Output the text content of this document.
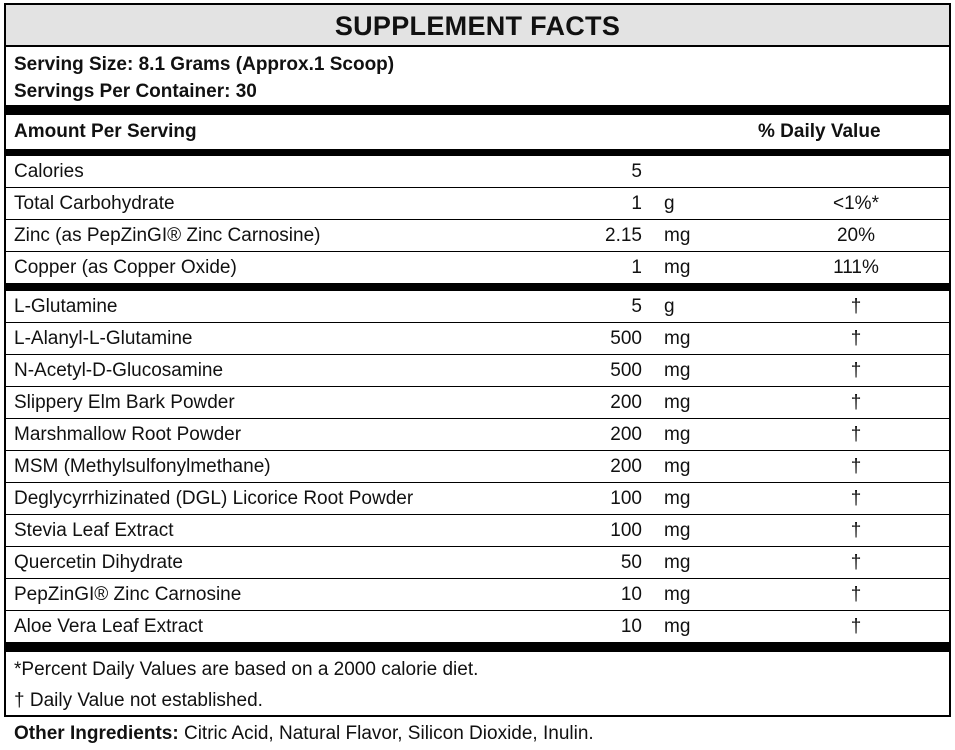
SUPPLEMENT FACTS
Serving Size: 8.1 Grams (Approx.1 Scoop)
Servings Per Container: 30
Amount Per Serving	% Daily Value
Calories	5
Total Carbohydrate	1 g	<1%*
Zinc (as PepZinGI® Zinc Carnosine)	2.15 mg	20%
Copper (as Copper Oxide)	1 mg	111%
L-Glutamine	5 g	†
L-Alanyl-L-Glutamine	500 mg	†
N-Acetyl-D-Glucosamine	500 mg	†
Slippery Elm Bark Powder	200 mg	†
Marshmallow Root Powder	200 mg	†
MSM (Methylsulfonylmethane)	200 mg	†
Deglycyrrhizinated (DGL) Licorice Root Powder	100 mg	†
Stevia Leaf Extract	100 mg	†
Quercetin Dihydrate	50 mg	†
PepZinGI® Zinc Carnosine	10 mg	†
Aloe Vera Leaf Extract	10 mg	†
*Percent Daily Values are based on a 2000 calorie diet.
† Daily Value not established.
Other Ingredients: Citric Acid, Natural Flavor, Silicon Dioxide, Inulin.
